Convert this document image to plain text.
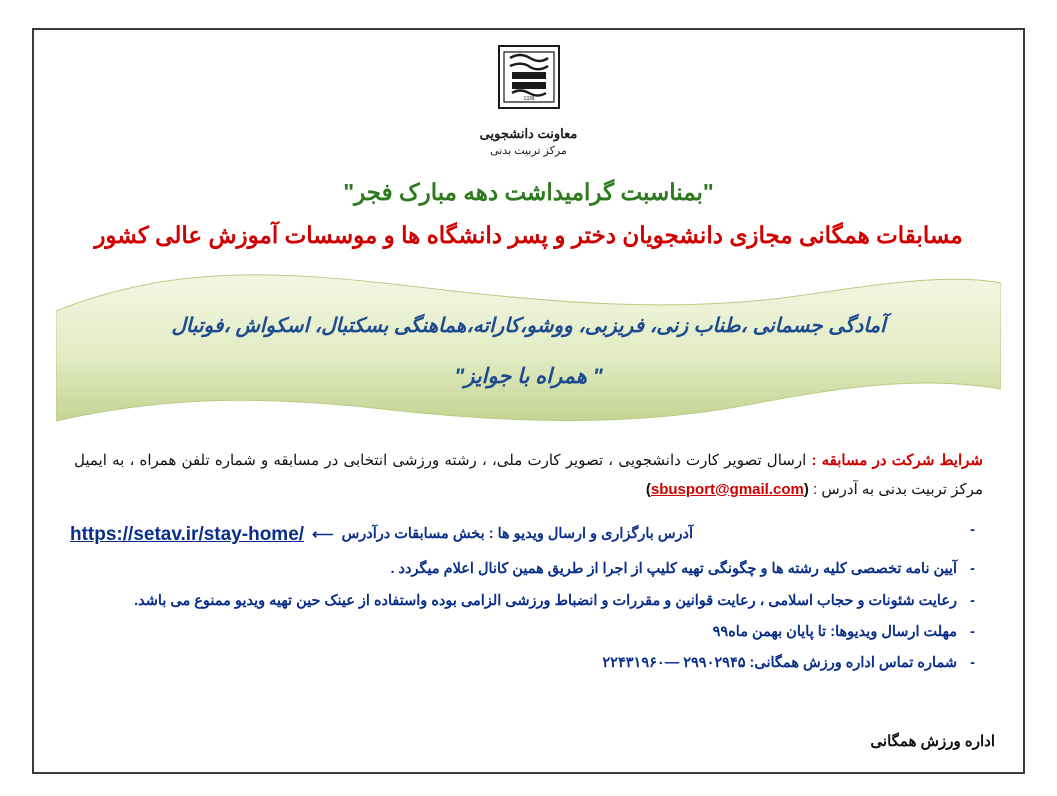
1338
معاونت دانشجویی
مرکز تربیت بدنی
"بمناسبت گرامیداشت دهه مبارک فجر"
مسابقات همگانی مجازی دانشجویان دختر و پسر دانشگاه ها و موسسات آموزش عالی کشور
آمادگی جسمانی ،طناب زنی، فریزبی، ووشو،کاراته،هماهنگی بسکتبال، اسکواش ،فوتبال
" همراه با جوایز"
شرایط شرکت در مسابقه : ارسال تصویر کارت دانشجویی ، تصویر کارت ملی، ، رشته ورزشی انتخابی در مسابقه و شماره تلفن همراه ، به ایمیل مرکز تربیت بدنی به آدرس : (sbusport@gmail.com)
- https://setav.ir/stay-home/ ⟵ آدرس بارگزاری و ارسال ویدیو ها : بخش مسابقات درآدرس
- آیین نامه تخصصی کلیه رشته ها و چگونگی تهیه کلیپ از اجرا از طریق همین کانال اعلام میگردد .
- رعایت شئونات و حجاب اسلامی ، رعایت قوانین و مقررات و انضباط ورزشی الزامی بوده واستفاده از عینک حین تهیه ویدیو ممنوع می باشد.
- مهلت ارسال ویدیوها: تا پایان بهمن ماه۹۹
- شماره تماس اداره ورزش همگانی: ۲۹۹۰۲۹۴۵ —۲۲۴۳۱۹۶۰
اداره ورزش همگانی
